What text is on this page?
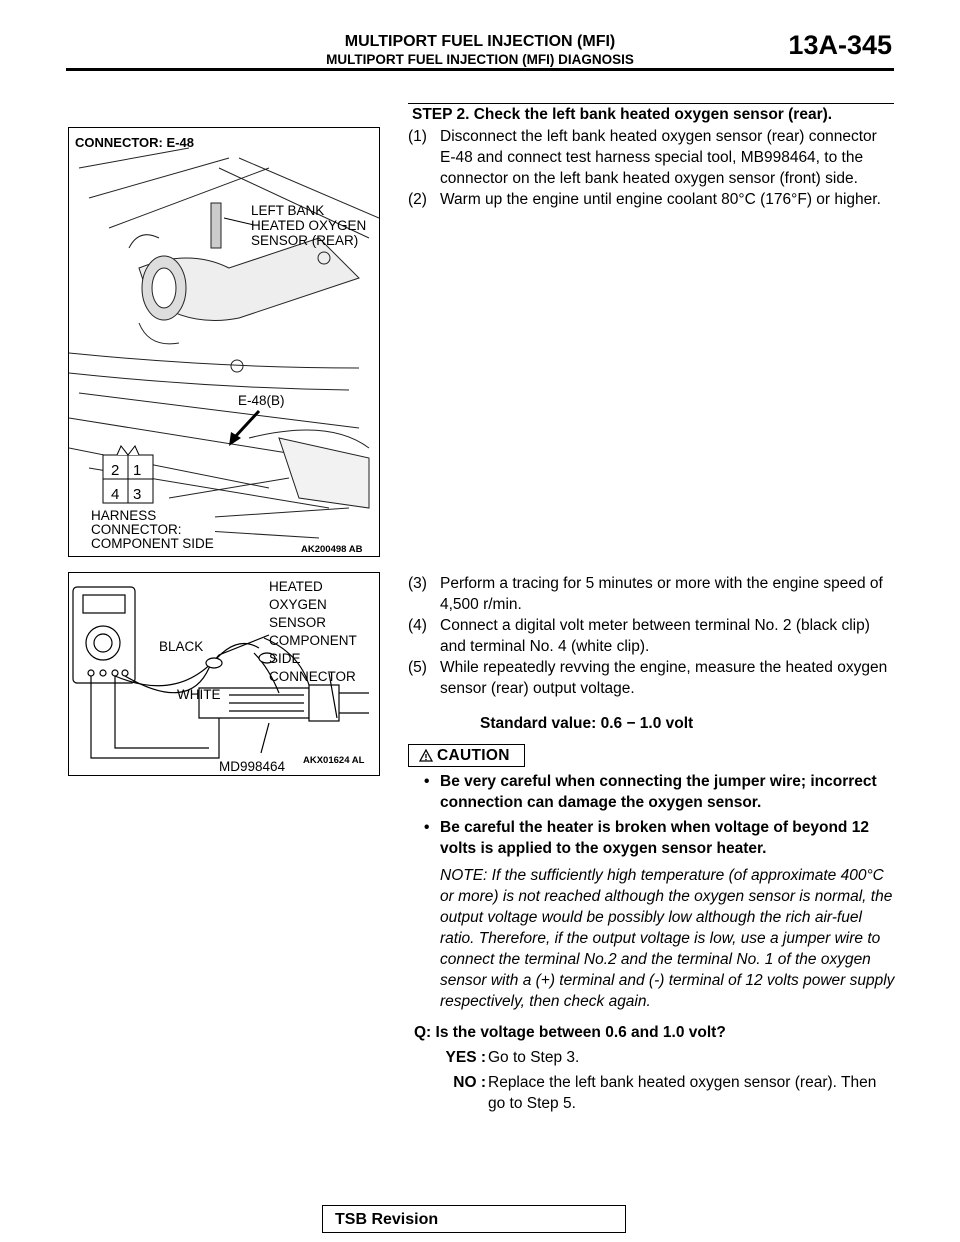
MULTIPORT FUEL INJECTION (MFI)
MULTIPORT FUEL INJECTION (MFI) DIAGNOSIS	13A-345
CONNECTOR: E-48
LEFT BANK
HEATED OXYGEN
SENSOR (REAR)
E-48(B)
2 1
4 3
HARNESS
CONNECTOR:
COMPONENT SIDE	AK200498 AB
HEATED
OXYGEN
SENSOR
COMPONENT
SIDE
CONNECTOR
BLACK
WHITE
MD998464 AKX01624 AL
STEP 2. Check the left bank heated oxygen sensor (rear).

(1) Disconnect the left bank heated oxygen sensor (rear) connector E-48 and connect test harness special tool, MB998464, to the connector on the left bank heated oxygen sensor (front) side.

(2) Warm up the engine until engine coolant 80°C (176°F) or higher.

(3) Perform a tracing for 5 minutes or more with the engine speed of 4,500 r/min.

(4) Connect a digital volt meter between terminal No. 2 (black clip) and terminal No. 4 (white clip).

(5) While repeatedly revving the engine, measure the heated oxygen sensor (rear) output voltage.

Standard value: 0.6 − 1.0 volt

CAUTION

• Be very careful when connecting the jumper wire; incorrect connection can damage the oxygen sensor.

• Be careful the heater is broken when voltage of beyond 12 volts is applied to the oxygen sensor heater.

NOTE: If the sufficiently high temperature (of approximate 400°C or more) is not reached although the oxygen sensor is normal, the output voltage would be possibly low although the rich air-fuel ratio. Therefore, if the output voltage is low, use a jumper wire to connect the terminal No.2 and the terminal No. 1 of the oxygen sensor with a (+) terminal and (-) terminal of 12 volts power supply respectively, then check again.

Q: Is the voltage between 0.6 and 1.0 volt?

YES : Go to Step 3.

NO : Replace the left bank heated oxygen sensor (rear). Then go to Step 5.

TSB Revision
